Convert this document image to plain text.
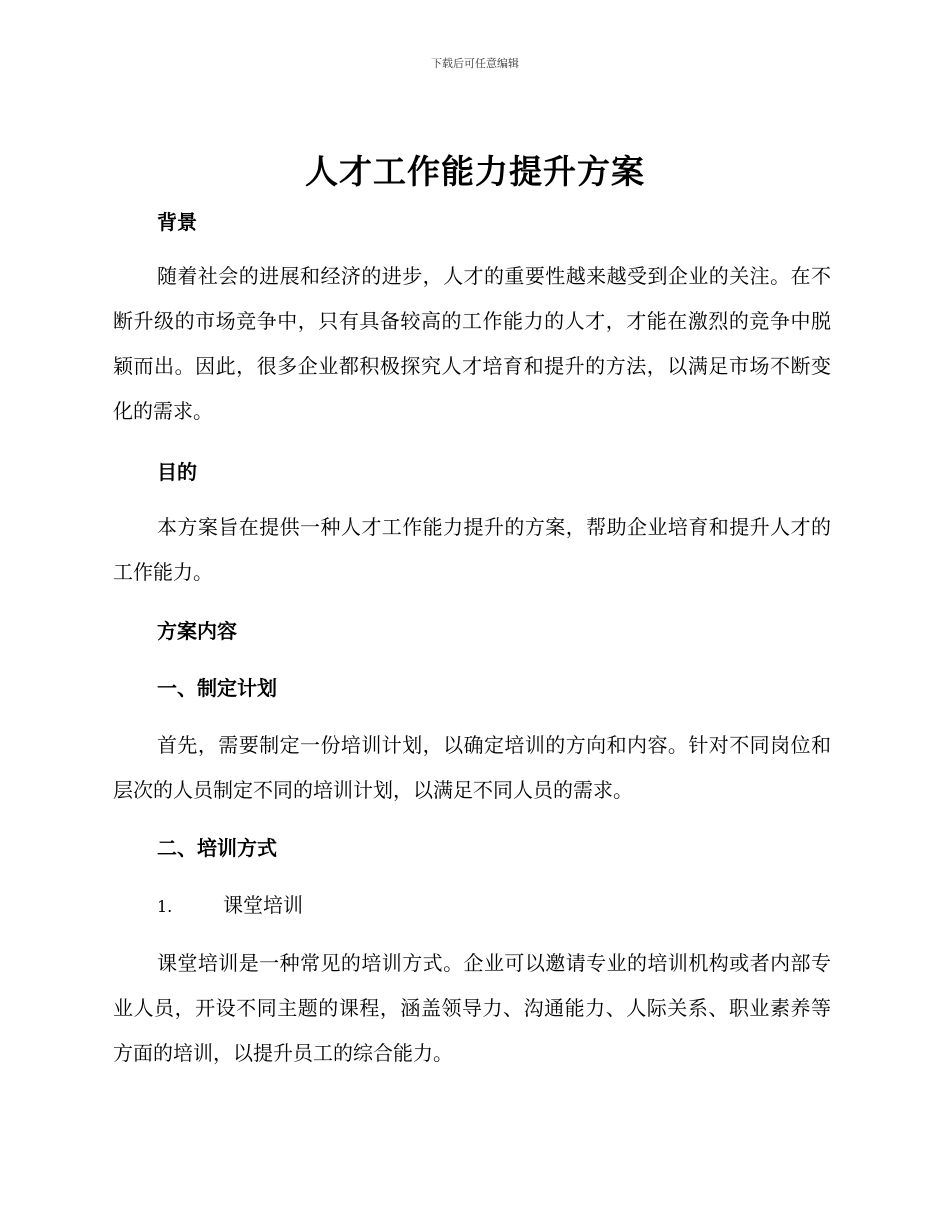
下载后可任意编辑
人才工作能力提升方案
背景

随着社会的进展和经济的进步，人才的重要性越来越受到企业的关注。在不断升级的市场竞争中，只有具备较高的工作能力的人才，才能在激烈的竞争中脱颖而出。因此，很多企业都积极探究人才培育和提升的方法，以满足市场不断变化的需求。

目的

本方案旨在提供一种人才工作能力提升的方案，帮助企业培育和提升人才的工作能力。

方案内容
一、制定计划

首先，需要制定一份培训计划，以确定培训的方向和内容。针对不同岗位和层次的人员制定不同的培训计划，以满足不同人员的需求。

二、培训方式
1.	课堂培训

课堂培训是一种常见的培训方式。企业可以邀请专业的培训机构或者内部专业人员，开设不同主题的课程，涵盖领导力、沟通能力、人际关系、职业素养等方面的培训，以提升员工的综合能力。
